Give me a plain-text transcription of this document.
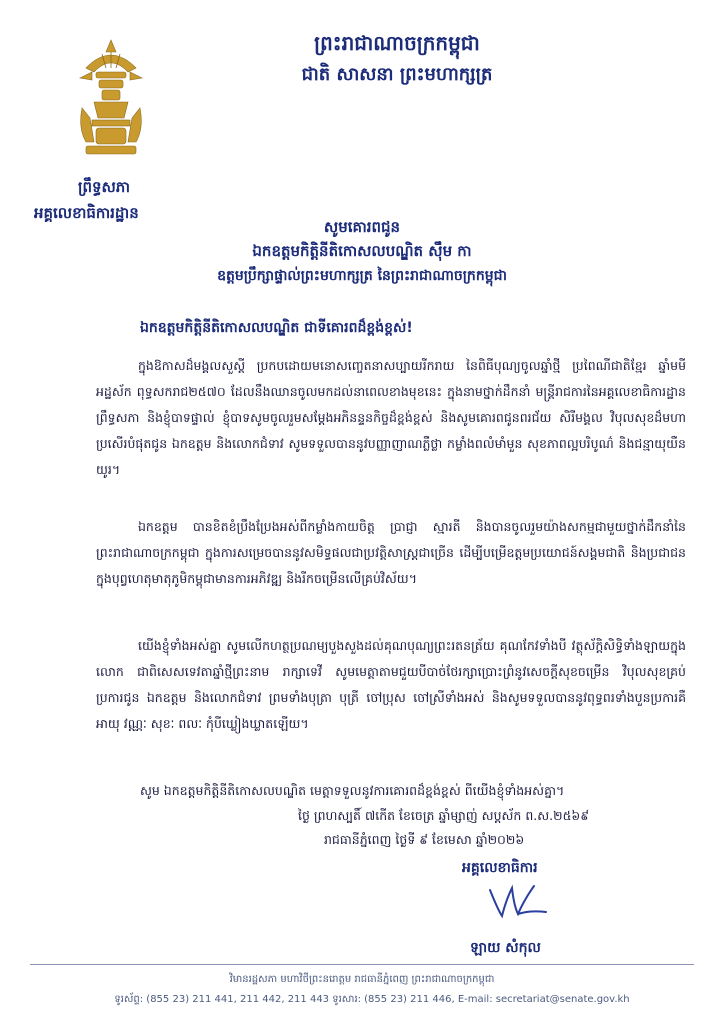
ព្រះរាជាណាចក្រកម្ពុជា
ជាតិ សាសនា ព្រះមហាក្សត្រ
ព្រឹទ្ធសភា
អគ្គលេខាធិការដ្ឋាន
សូមគោរពជូន
ឯកឧត្តមកិត្តិនីតិកោសលបណ្ឌិត ស៊ឹម កា
ឧត្តមប្រឹក្សាផ្ទាល់ព្រះមហាក្សត្រ នៃព្រះរាជាណាចក្រកម្ពុជា
ឯកឧត្តមកិត្តិនីតិកោសលបណ្ឌិត ជាទីគោរពដ៏ខ្ពង់ខ្ពស់!
ក្នុងឱកាសដ៏មង្គលសួស្តី ប្រកបដោយមនោសញ្ចេតនាសប្បាយរីករាយ នៃពិធីបុណ្យចូលឆ្នាំថ្មី ប្រពៃណីជាតិខ្មែរ ឆ្នាំមមី អដ្ឋស័ក ពុទ្ធសករាជ២៥៧០ ដែលនឹងឈានចូលមកដល់នាពេលខាងមុខនេះ ក្នុងនាមថ្នាក់ដឹកនាំ មន្ត្រីរាជការនៃអគ្គលេខាធិការដ្ឋានព្រឹទ្ធសភា និងខ្ញុំបាទផ្ទាល់ ខ្ញុំបាទសូមចូលរួមសម្តែងអភិនន្ទនកិច្ចដ៏ខ្ពង់ខ្ពស់ និងសូមគោរពជូនពរជ័យ សិរីមង្គល វិបុលសុខដ៏មហាប្រសើរបំផុតជូន ឯកឧត្តម និងលោកជំទាវ សូមទទួលបាននូវបញ្ញាញាណភ្លឺថ្លា កម្លាំងពលំមាំមួន សុខភាពល្អបរិបូណ៌ និងជន្មាយុយឺនយូរ។
ឯកឧត្តម បានខិតខំប្រឹងប្រែងអស់ពីកម្លាំងកាយចិត្ត ប្រាជ្ញា ស្មារតី និងបានចូលរួមយ៉ាងសកម្មជាមួយថ្នាក់ដឹកនាំនៃព្រះរាជាណាចក្រកម្ពុជា ក្នុងការសម្រេចបាននូវសមិទ្ធផលជាប្រវត្តិសាស្ត្រជាច្រើន ដើម្បីបម្រើឧត្តមប្រយោជន៍សង្គមជាតិ និងប្រជាជន ក្នុងបុព្វហេតុមាតុភូមិកម្ពុជាមានការអភិវឌ្ឍ និងរីកចម្រើនលើគ្រប់វិស័យ។
យើងខ្ញុំទាំងអស់គ្នា សូមលើកហត្ថប្រណម្យបួងសួងដល់គុណបុណ្យព្រះរតនត្រ័យ គុណកែវទាំងបី វត្ថុស័ក្តិសិទ្ធិទាំងឡាយក្នុងលោក ជាពិសេសទេវតាឆ្នាំថ្មីព្រះនាម រាក្សាទេវី សូមមេត្តាតាមជួយបីបាច់ថែរក្សាប្រោះព្រំនូវសេចក្តីសុខចម្រើន វិបុលសុខគ្រប់ប្រការជូន ឯកឧត្តម និងលោកជំទាវ ព្រមទាំងបុត្រា បុត្រី ចៅប្រុស ចៅស្រីទាំងអស់ និងសូមទទួលបាននូវពុទ្ធពរទាំងបួនប្រការគឺ អាយុ វណ្ណៈ សុខៈ ពលៈ កុំបីឃ្លៀងឃ្លាតឡើយ។
សូម ឯកឧត្តមកិត្តិនីតិកោសលបណ្ឌិត មេត្តាទទួលនូវការគោរពដ៏ខ្ពង់ខ្ពស់ ពីយើងខ្ញុំទាំងអស់គ្នា។
ថ្ងៃ ព្រហស្បតិ៍ ៧កើត ខែចេត្រ ឆ្នាំម្សាញ់ សប្តស័ក ព.ស.២៥៦៩
រាជធានីភ្នំពេញ ថ្ងៃទី ៩ ខែមេសា ឆ្នាំ២០២៦
អគ្គលេខាធិការ
ឡាយ សំកុល
វិមានរដ្ឋសភា មហាវិថីព្រះនរោត្តម រាជធានីភ្នំពេញ ព្រះរាជាណាចក្រកម្ពុជា
ទូរស័ព្ទ: (855 23) 211 441, 211 442, 211 443 ទូរសារ: (855 23) 211 446, E-mail: secretariat@senate.gov.kh
